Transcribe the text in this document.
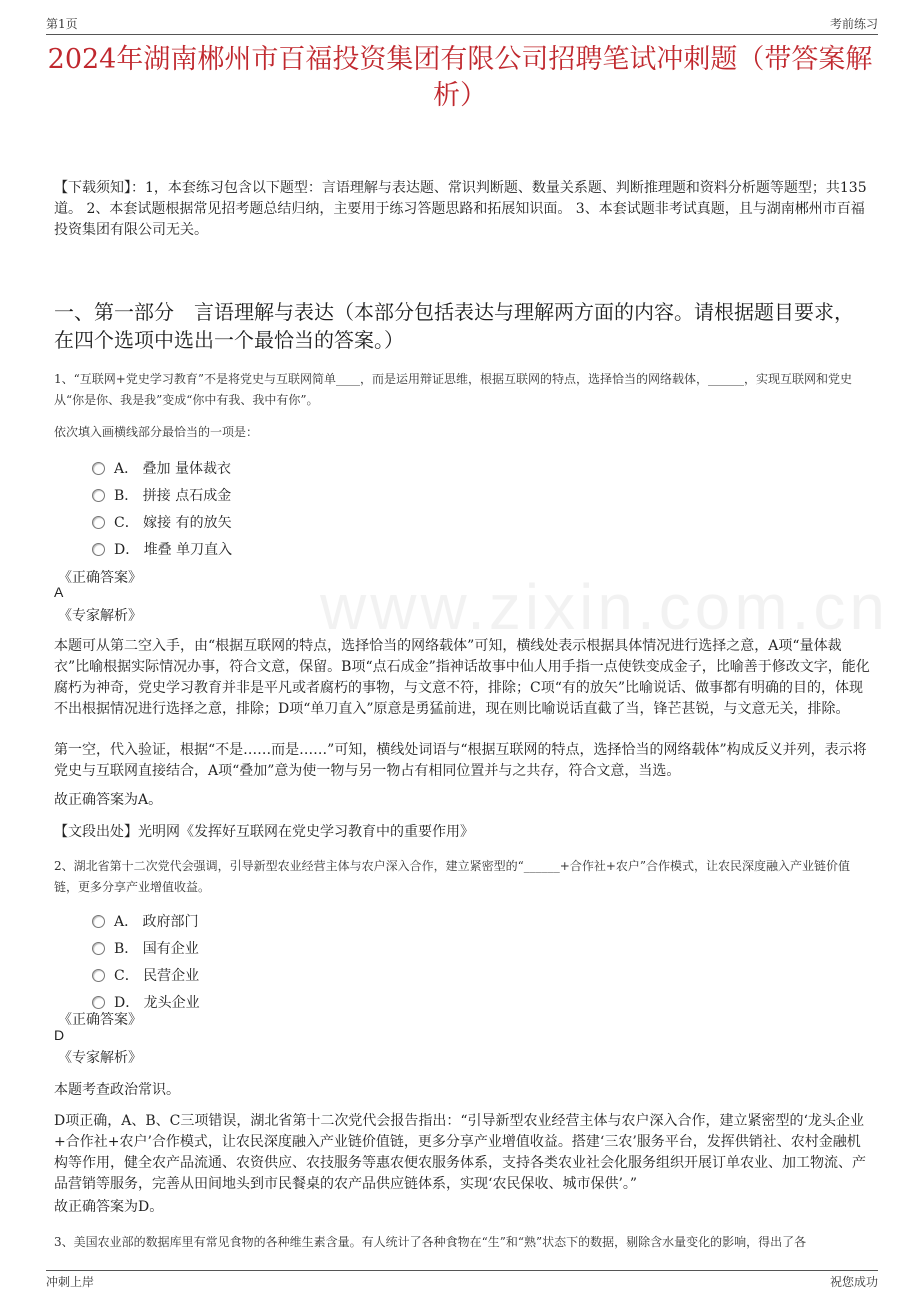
第1页	考前练习
www.zixin.com.cn
2024年湖南郴州市百福投资集团有限公司招聘笔试冲刺题（带答案解析）
【下载须知】：1，本套练习包含以下题型：言语理解与表达题、常识判断题、数量关系题、判断推理题和资料分析题等题型；共135道。 2、本套试题根据常见招考题总结归纳，主要用于练习答题思路和拓展知识面。 3、本套试题非考试真题，且与湖南郴州市百福投资集团有限公司无关。
一、第一部分　言语理解与表达（本部分包括表达与理解两方面的内容。请根据题目要求，在四个选项中选出一个最恰当的答案。）
1、“互联网+党史学习教育”不是将党史与互联网简单____，而是运用辩证思维，根据互联网的特点，选择恰当的网络载体，______，实现互联网和党史从“你是你、我是我”变成“你中有我、我中有你”。
依次填入画横线部分最恰当的一项是：
A． 叠加 量体裁衣
B． 拼接 点石成金
C． 嫁接 有的放矢
D． 堆叠 单刀直入
《正确答案》
A
《专家解析》
本题可从第二空入手，由“根据互联网的特点，选择恰当的网络载体”可知，横线处表示根据具体情况进行选择之意，A项“量体裁衣”比喻根据实际情况办事，符合文意，保留。B项“点石成金”指神话故事中仙人用手指一点使铁变成金子，比喻善于修改文字，能化腐朽为神奇，党史学习教育并非是平凡或者腐朽的事物，与文意不符，排除；C项“有的放矢”比喻说话、做事都有明确的目的，体现不出根据情况进行选择之意，排除；D项“单刀直入”原意是勇猛前进，现在则比喻说话直截了当，锋芒甚锐，与文意无关，排除。
第一空，代入验证，根据“不是……而是……”可知，横线处词语与“根据互联网的特点，选择恰当的网络载体”构成反义并列，表示将党史与互联网直接结合，A项“叠加”意为使一物与另一物占有相同位置并与之共存，符合文意，当选。
故正确答案为A。
【文段出处】光明网《发挥好互联网在党史学习教育中的重要作用》
2、湖北省第十二次党代会强调，引导新型农业经营主体与农户深入合作，建立紧密型的“______+合作社+农户”合作模式，让农民深度融入产业链价值链，更多分享产业增值收益。
A． 政府部门
B． 国有企业
C． 民营企业
D． 龙头企业
《正确答案》
D
《专家解析》
本题考查政治常识。
D项正确，A、B、C三项错误，湖北省第十二次党代会报告指出：“引导新型农业经营主体与农户深入合作，建立紧密型的‘龙头企业+合作社+农户’合作模式，让农民深度融入产业链价值链，更多分享产业增值收益。搭建‘三农’服务平台，发挥供销社、农村金融机构等作用，健全农产品流通、农资供应、农技服务等惠农便农服务体系，支持各类农业社会化服务组织开展订单农业、加工物流、产品营销等服务，完善从田间地头到市民餐桌的农产品供应链体系，实现‘农民保收、城市保供’。”
故正确答案为D。
3、美国农业部的数据库里有常见食物的各种维生素含量。有人统计了各种食物在“生”和“熟”状态下的数据，剔除含水量变化的影响，得出了各
冲刺上岸	祝您成功
